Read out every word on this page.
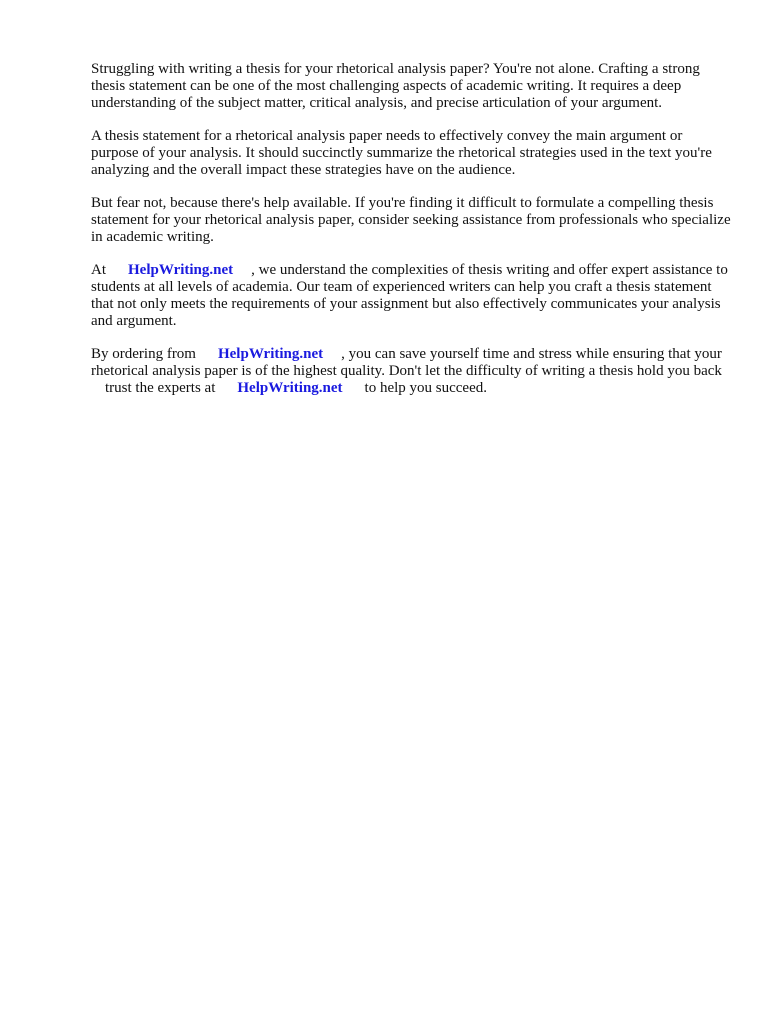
Struggling with writing a thesis for your rhetorical analysis paper? You're not alone. Crafting a strong thesis statement can be one of the most challenging aspects of academic writing. It requires a deep understanding of the subject matter, critical analysis, and precise articulation of your argument.

A thesis statement for a rhetorical analysis paper needs to effectively convey the main argument or purpose of your analysis. It should succinctly summarize the rhetorical strategies used in the text you're analyzing and the overall impact these strategies have on the audience.

But fear not, because there's help available. If you're finding it difficult to formulate a compelling thesis statement for your rhetorical analysis paper, consider seeking assistance from professionals who specialize in academic writing.

At HelpWriting.net , we understand the complexities of thesis writing and offer expert assistance to students at all levels of academia. Our team of experienced writers can help you craft a thesis statement that not only meets the requirements of your assignment but also effectively communicates your analysis and argument.

By ordering from HelpWriting.net , you can save yourself time and stress while ensuring that your rhetorical analysis paper is of the highest quality. Don't let the difficulty of writing a thesis hold you backtrust the experts at HelpWriting.net to help you succeed.
